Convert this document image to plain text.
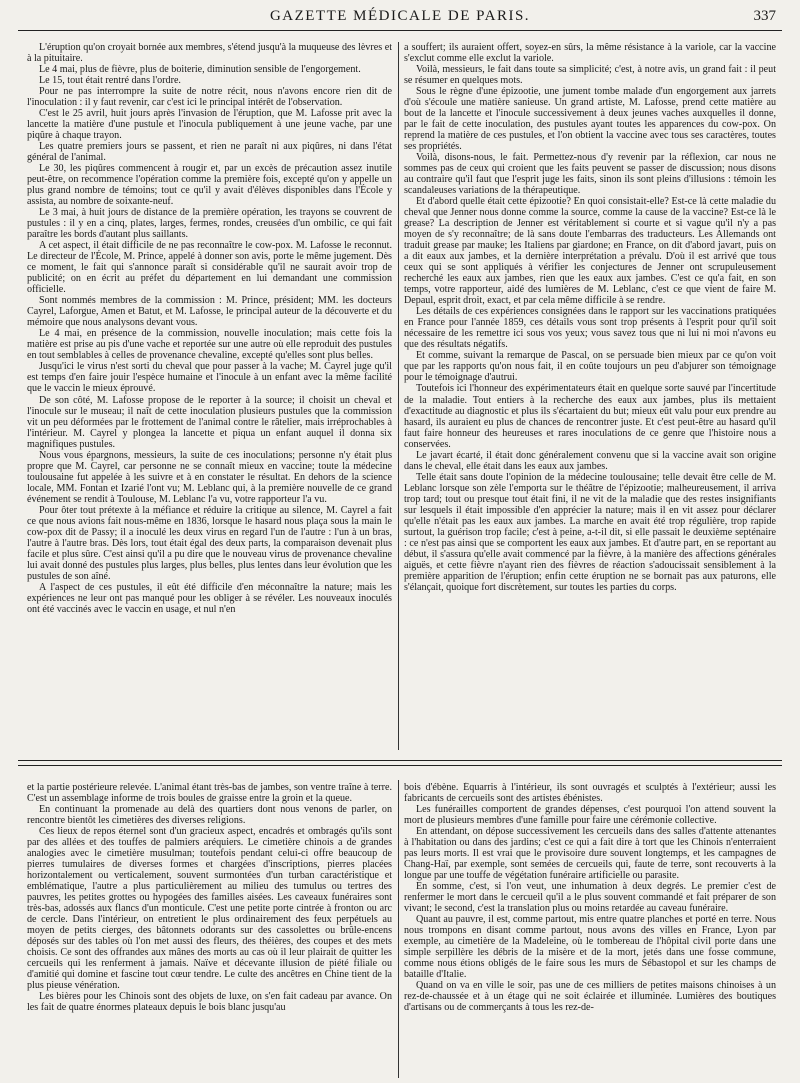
GAZETTE MÉDICALE DE PARIS.	337

L'éruption qu'on croyait bornée aux membres, s'étend jusqu'à la muqueuse des lèvres et à la pituitaire.

Le 4 mai, plus de fièvre, plus de boiterie, diminution sensible de l'engorgement.

Le 15, tout était rentré dans l'ordre.

Pour ne pas interrompre la suite de notre récit, nous n'avons encore rien dit de l'inoculation : il y faut revenir, car c'est ici le principal intérêt de l'observation.

C'est le 25 avril, huit jours après l'invasion de l'éruption, que M. Lafosse prit avec la lancette la matière d'une pustule et l'inocula publiquement à une jeune vache, par une piqûre à chaque trayon.

Les quatre premiers jours se passent, et rien ne paraît ni aux piqûres, ni dans l'état général de l'animal.

Le 30, les piqûres commencent à rougir et, par un excès de précaution assez inutile peut-être, on recommence l'opération comme la première fois, excepté qu'on y appelle un plus grand nombre de témoins; tout ce qu'il y avait d'élèves disponibles dans l'École y assista, au nombre de soixante-neuf.

Le 3 mai, à huit jours de distance de la première opération, les trayons se couvrent de pustules : il y en a cinq, plates, larges, fermes, rondes, creusées d'un ombilic, ce qui fait paraître les bords d'autant plus saillants.

A cet aspect, il était difficile de ne pas reconnaître le cow-pox. M. Lafosse le reconnut. Le directeur de l'École, M. Prince, appelé à donner son avis, porte le même jugement. Dès ce moment, le fait qui s'annonce paraît si considérable qu'il ne saurait avoir trop de publicité; on en écrit au préfet du département en lui demandant une commission officielle.

Sont nommés membres de la commission : M. Prince, président; MM. les docteurs Cayrel, Laforgue, Amen et Batut, et M. Lafosse, le principal auteur de la découverte et du mémoire que nous analysons devant vous.

Le 4 mai, en présence de la commission, nouvelle inoculation; mais cette fois la matière est prise au pis d'une vache et reportée sur une autre où elle reproduit des pustules en tout semblables à celles de provenance chevaline, excepté qu'elles sont plus belles.

Jusqu'ici le virus n'est sorti du cheval que pour passer à la vache; M. Cayrel juge qu'il est temps d'en faire jouir l'espèce humaine et l'inocule à un enfant avec la même facilité que le vaccin le mieux éprouvé.

De son côté, M. Lafosse propose de le reporter à la source; il choisit un cheval et l'inocule sur le museau; il naît de cette inoculation plusieurs pustules que la commission vit un peu déformées par le frottement de l'animal contre le râtelier, mais irréprochables à l'intérieur. M. Cayrel y plongea la lancette et piqua un enfant auquel il donna six magnifiques pustules.

Nous vous épargnons, messieurs, la suite de ces inoculations; personne n'y était plus propre que M. Cayrel, car personne ne se connaît mieux en vaccine; toute la médecine toulousaine fut appelée à les suivre et à en constater le résultat. En dehors de la science locale, MM. Fontan et Izarié l'ont vu; M. Leblanc qui, à la première nouvelle de ce grand événement se rendit à Toulouse, M. Leblanc l'a vu, votre rapporteur l'a vu.

Pour ôter tout prétexte à la méfiance et réduire la critique au silence, M. Cayrel a fait ce que nous avions fait nous-même en 1836, lorsque le hasard nous plaça sous la main le cow-pox dit de Passy; il a inoculé les deux virus en regard l'un de l'autre : l'un à un bras, l'autre à l'autre bras. Dès lors, tout était égal des deux parts, la comparaison devenait plus facile et plus sûre. C'est ainsi qu'il a pu dire que le nouveau virus de provenance chevaline lui avait donné des pustules plus larges, plus belles, plus lentes dans leur évolution que les pustules de son aîné.

A l'aspect de ces pustules, il eût été difficile d'en méconnaître la nature; mais les expériences ne leur ont pas manqué pour les obliger à se révéler. Les nouveaux inoculés ont été vaccinés avec le vaccin en usage, et nul n'en

a souffert; ils auraient offert, soyez-en sûrs, la même résistance à la variole, car la vaccine s'exclut comme elle exclut la variole.

Voilà, messieurs, le fait dans toute sa simplicité; c'est, à notre avis, un grand fait : il peut se résumer en quelques mots.

Sous le règne d'une épizootie, une jument tombe malade d'un engorgement aux jarrets d'où s'écoule une matière sanieuse. Un grand artiste, M. Lafosse, prend cette matière au bout de la lancette et l'inocule successivement à deux jeunes vaches auxquelles il donne, par le fait de cette inoculation, des pustules ayant toutes les apparences du cow-pox. On reprend la matière de ces pustules, et l'on obtient la vaccine avec tous ses caractères, toutes ses propriétés.

Voilà, disons-nous, le fait. Permettez-nous d'y revenir par la réflexion, car nous ne sommes pas de ceux qui croient que les faits peuvent se passer de discussion; nous disons au contraire qu'il faut que l'esprit juge les faits, sinon ils sont pleins d'illusions : témoin les scandaleuses variations de la thérapeutique.

Et d'abord quelle était cette épizootie? En quoi consistait-elle? Est-ce là cette maladie du cheval que Jenner nous donne comme la source, comme la cause de la vaccine? Est-ce là le grease? La description de Jenner est véritablement si courte et si vague qu'il n'y a pas moyen de s'y reconnaître; de là sans doute l'embarras des traducteurs. Les Allemands ont traduit grease par mauke; les Italiens par giardone; en France, on dit d'abord javart, puis on a dit eaux aux jambes, et la dernière interprétation a prévalu. D'où il est arrivé que tous ceux qui se sont appliqués à vérifier les conjectures de Jenner ont scrupuleusement recherché les eaux aux jambes, rien que les eaux aux jambes. C'est ce qu'a fait, en son temps, votre rapporteur, aidé des lumières de M. Leblanc, c'est ce que vient de faire M. Depaul, esprit droit, exact, et par cela même difficile à se rendre.

Les détails de ces expériences consignées dans le rapport sur les vaccinations pratiquées en France pour l'année 1859, ces détails vous sont trop présents à l'esprit pour qu'il soit nécessaire de les remettre ici sous vos yeux; vous savez tous que ni lui ni moi n'avons eu que des résultats négatifs.

Et comme, suivant la remarque de Pascal, on se persuade bien mieux par ce qu'on voit que par les rapports qu'on nous fait, il en coûte toujours un peu d'abjurer son témoignage pour le témoignage d'autrui.

Toutefois ici l'honneur des expérimentateurs était en quelque sorte sauvé par l'incertitude de la maladie. Tout entiers à la recherche des eaux aux jambes, plus ils mettaient d'exactitude au diagnostic et plus ils s'écartaient du but; mieux eût valu pour eux prendre au hasard, ils auraient eu plus de chances de rencontrer juste. Et c'est peut-être au hasard qu'il faut faire honneur des heureuses et rares inoculations de ce genre que l'histoire nous a conservées.

Le javart écarté, il était donc généralement convenu que si la vaccine avait son origine dans le cheval, elle était dans les eaux aux jambes.

Telle était sans doute l'opinion de la médecine toulousaine; telle devait être celle de M. Leblanc lorsque son zèle l'emporta sur le théâtre de l'épizootie; malheureusement, il arriva trop tard; tout ou presque tout était fini, il ne vit de la maladie que des restes insignifiants sur lesquels il était impossible d'en apprécier la nature; mais il en vit assez pour déclarer qu'elle n'était pas les eaux aux jambes. La marche en avait été trop régulière, trop rapide surtout, la guérison trop facile; c'est à peine, a-t-il dit, si elle passait le deuxième septénaire : ce n'est pas ainsi que se comportent les eaux aux jambes. Et d'autre part, en se reportant au début, il s'assura qu'elle avait commencé par la fièvre, à la manière des affections générales aiguës, et cette fièvre n'ayant rien des fièvres de réaction s'adoucissait sensiblement à la première apparition de l'éruption; enfin cette éruption ne se bornait pas aux paturons, elle s'élançait, quoique fort discrètement, sur toutes les parties du corps.

et la partie postérieure relevée. L'animal étant très-bas de jambes, son ventre traîne à terre. C'est un assemblage informe de trois boules de graisse entre la groin et la queue.

En continuant la promenade au delà des quartiers dont nous venons de parler, on rencontre bientôt les cimetières des diverses religions.

Ces lieux de repos éternel sont d'un gracieux aspect, encadrés et ombragés qu'ils sont par des allées et des touffes de palmiers aréquiers. Le cimetière chinois a de grandes analogies avec le cimetière musulman; toutefois pendant celui-ci offre beaucoup de pierres tumulaires de diverses formes et chargées d'inscriptions, pierres placées horizontalement ou verticalement, souvent surmontées d'un turban caractéristique et emblématique, l'autre a plus particulièrement au milieu des tumulus ou tertres des pauvres, les petites grottes ou hypogées des familles aisées. Les caveaux funéraires sont très-bas, adossés aux flancs d'un monticule. C'est une petite porte cintrée à fronton ou arc de cercle. Dans l'intérieur, on entretient le plus ordinairement des feux perpétuels au moyen de petits cierges, des bâtonnets odorants sur des cassolettes ou brûle-encens déposés sur des tables où l'on met aussi des fleurs, des théières, des coupes et des mets choisis. Ce sont des offrandes aux mânes des morts au cas où il leur plairait de quitter les cercueils qui les renferment à jamais. Naïve et décevante illusion de piété filiale ou d'amitié qui domine et fascine tout cœur tendre. Le culte des ancêtres en Chine tient de la plus pieuse vénération.

Les bières pour les Chinois sont des objets de luxe, on s'en fait cadeau par avance. On les fait de quatre énormes plateaux depuis le bois blanc jusqu'au

bois d'ébène. Équarris à l'intérieur, ils sont ouvragés et sculptés à l'extérieur; aussi les fabricants de cercueils sont des artistes ébénistes.

Les funérailles comportent de grandes dépenses, c'est pourquoi l'on attend souvent la mort de plusieurs membres d'une famille pour faire une cérémonie collective.

En attendant, on dépose successivement les cercueils dans des salles d'attente attenantes à l'habitation ou dans des jardins; c'est ce qui a fait dire à tort que les Chinois n'enterraient pas leurs morts. Il est vrai que le provisoire dure souvent longtemps, et les campagnes de Chang-Haï, par exemple, sont semées de cercueils qui, faute de terre, sont recouverts à la longue par une touffe de végétation funéraire artificielle ou parasite.

En somme, c'est, si l'on veut, une inhumation à deux degrés. Le premier c'est de renfermer le mort dans le cercueil qu'il a le plus souvent commandé et fait préparer de son vivant; le second, c'est la translation plus ou moins retardée au caveau funéraire.

Quant au pauvre, il est, comme partout, mis entre quatre planches et porté en terre. Nous nous trompons en disant comme partout, nous avons des villes en France, Lyon par exemple, au cimetière de la Madeleine, où le tombereau de l'hôpital civil porte dans une simple serpillère les débris de la misère et de la mort, jetés dans une fosse commune, comme nous étions obligés de le faire sous les murs de Sébastopol et sur les champs de bataille d'Italie.

Quand on va en ville le soir, pas une de ces milliers de petites maisons chinoises à un rez-de-chaussée et à un étage qui ne soit éclairée et illuminée. Lumières des boutiques d'artisans ou de commerçants à tous les rez-de-
